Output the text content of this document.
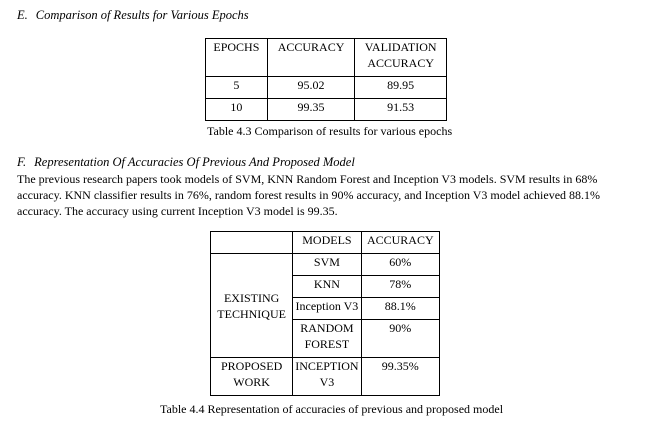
E. Comparison of Results for Various Epochs
EPOCHS	ACCURACY	VALIDATION ACCURACY
5	95.02	89.95
10	99.35	91.53
Table 4.3 Comparison of results for various epochs
F. Representation Of Accuracies Of Previous And Proposed Model
The previous research papers took models of SVM, KNN Random Forest and Inception V3 models. SVM results in 68% accuracy. KNN classifier results in 76%, random forest results in 90% accuracy, and Inception V3 model achieved 88.1% accuracy. The accuracy using current Inception V3 model is 99.35.
	MODELS	ACCURACY
EXISTING TECHNIQUE	SVM	60%
	KNN	78%
	Inception V3	88.1%
	RANDOM FOREST	90%
PROPOSED WORK	INCEPTION V3	99.35%
Table 4.4 Representation of accuracies of previous and proposed model
